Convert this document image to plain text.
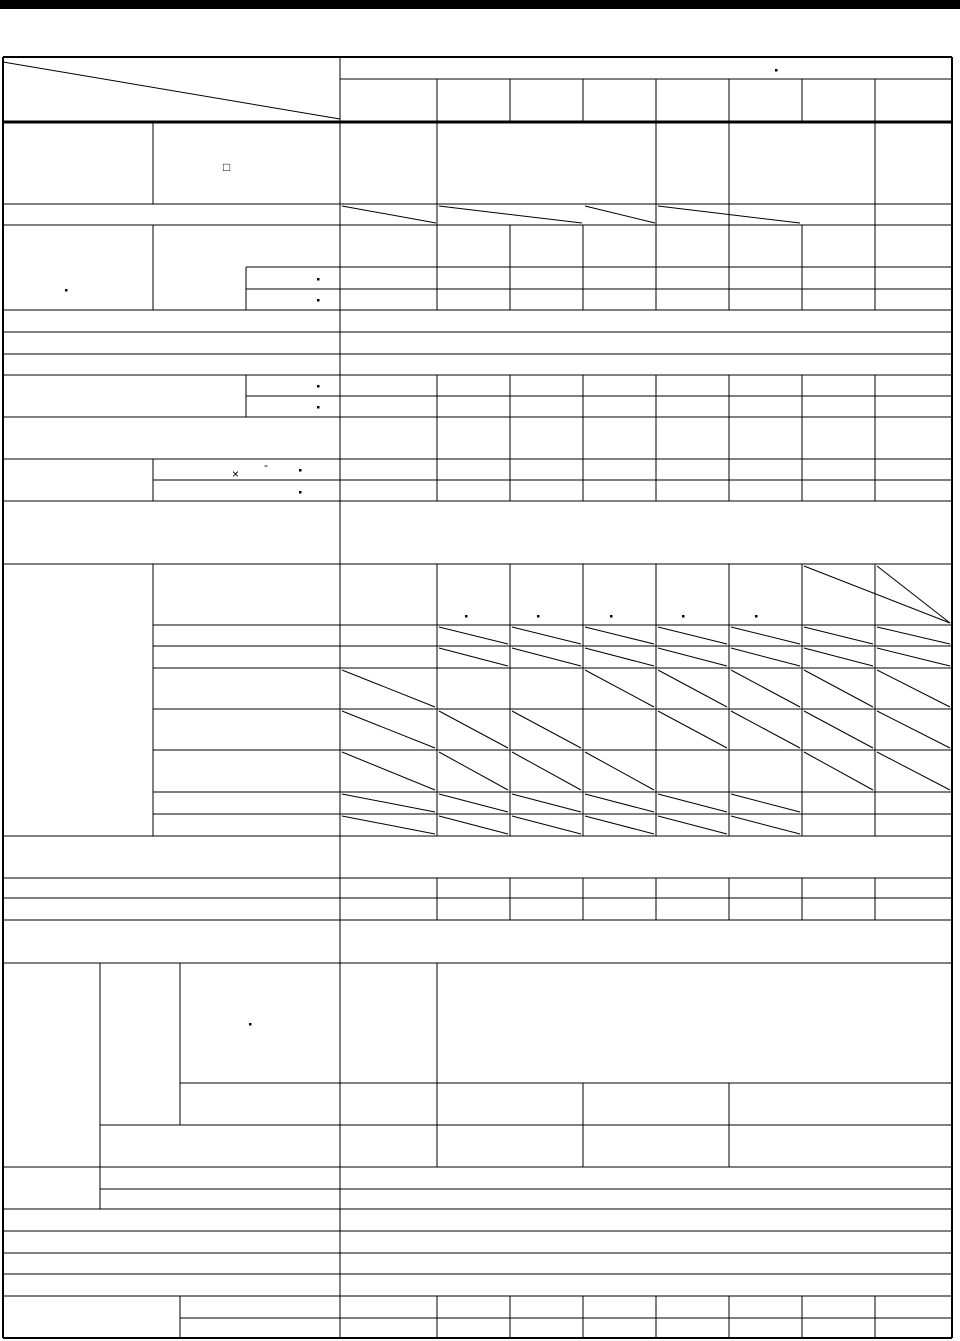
□
×
-
